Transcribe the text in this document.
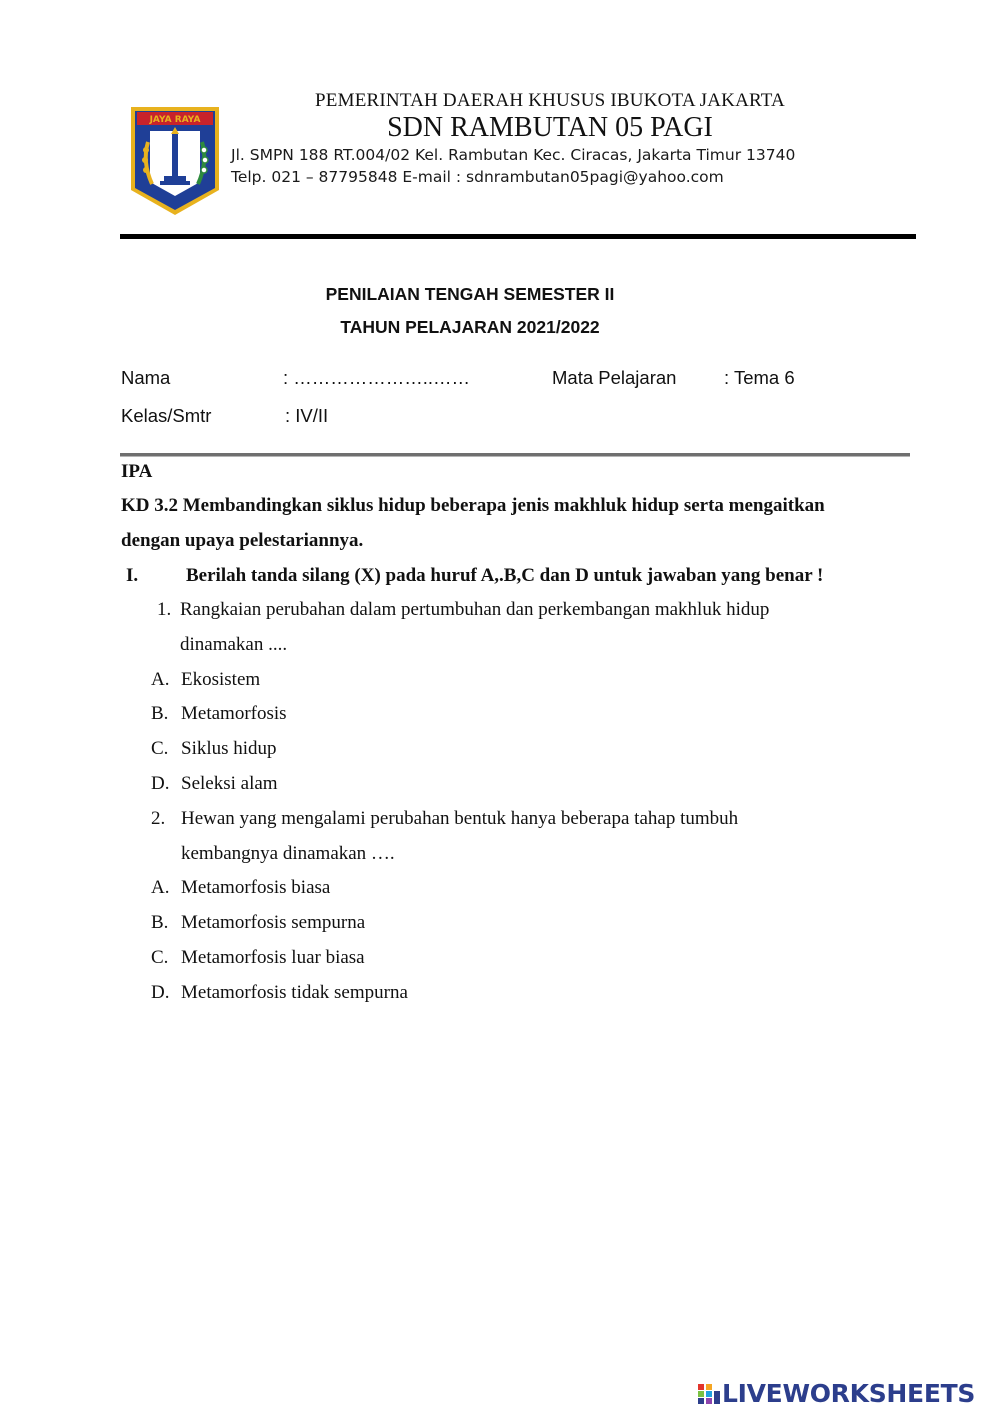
JAYA RAYA
PEMERINTAH DAERAH KHUSUS IBUKOTA JAKARTA
SDN RAMBUTAN 05 PAGI
Jl. SMPN 188 RT.004/02 Kel. Rambutan Kec. Ciracas, Jakarta Timur 13740
Telp. 021 – 87795848 E-mail : sdnrambutan05pagi@yahoo.com
PENILAIAN TENGAH SEMESTER II
TAHUN PELAJARAN 2021/2022
Nama	: …………………..……	Mata Pelajaran	: Tema 6
Kelas/Smtr	: IV/II
IPA
KD 3.2 Membandingkan siklus hidup beberapa jenis makhluk hidup serta mengaitkan
dengan upaya pelestariannya.
I.	Berilah tanda silang (X) pada huruf A,.B,C dan D untuk jawaban yang benar !
1. Rangkaian perubahan dalam pertumbuhan dan perkembangan makhluk hidup
dinamakan ....
A. Ekosistem
B. Metamorfosis
C. Siklus hidup
D. Seleksi alam
2. Hewan yang mengalami perubahan bentuk hanya beberapa tahap tumbuh
kembangnya dinamakan ….
A. Metamorfosis biasa
B. Metamorfosis sempurna
C. Metamorfosis luar biasa
D. Metamorfosis tidak sempurna
LIVEWORKSHEETS
